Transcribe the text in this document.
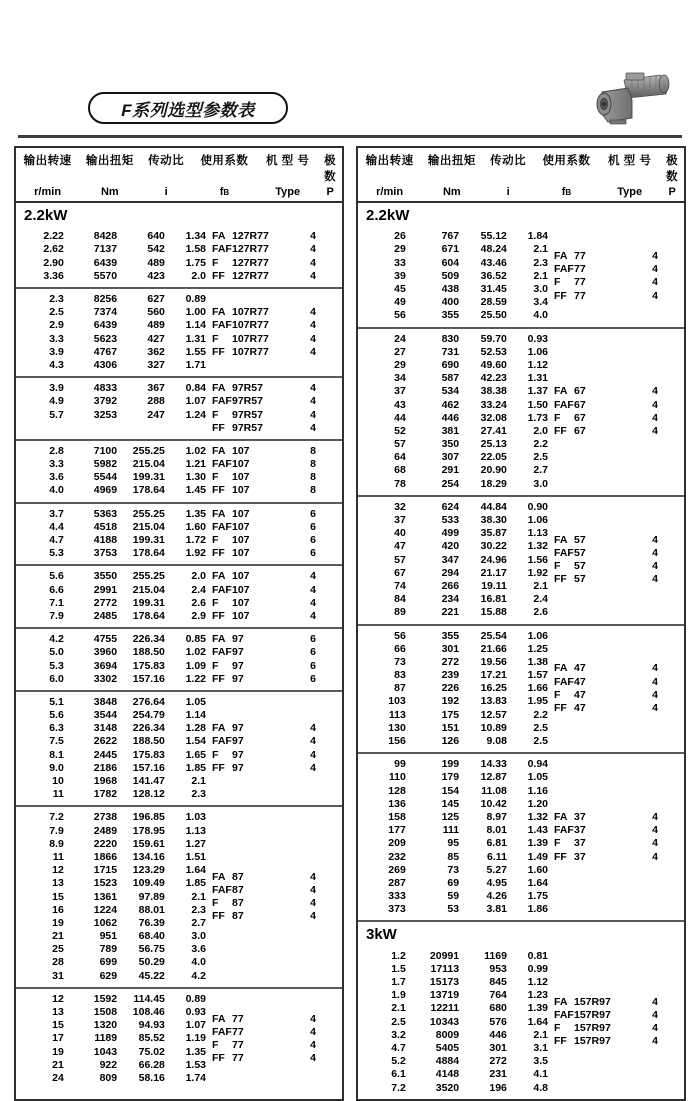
F系列选型参数表
输出转速	输出扭矩	传动比	使用系数	机 型 号	极 数
r/min	Nm	i	fB	Type	P
2.2kW
2.22	8428	640	1.34
2.62	7137	542	1.58
2.90	6439	489	1.75
3.36	5570	423	2.0
FA 127R77	4
FAF 127R77	4
F	127R77	4
FF 127R77	4
2.3	8256	627	0.89
2.5	7374	560	1.00
2.9	6439	489	1.14
3.3	5623	427	1.31
3.9	4767	362	1.55
4.3	4306	327	1.71
FA 107R77	4
FAF 107R77	4
F	107R77	4
FF 107R77	4
3.9	4833	367	0.84
4.9	3792	288	1.07
5.7	3253	247	1.24
FA 97R57	4
FAF 97R57	4
F	97R57	4
FF 97R57	4
2.8	7100	255.25	1.02
3.3	5982	215.04	1.21
3.6	5544	199.31	1.30
4.0	4969	178.64	1.45
FA 107	8
FAF 107	8
F	107	8
FF 107	8
3.7	5363	255.25	1.35
4.4	4518	215.04	1.60
4.7	4188	199.31	1.72
5.3	3753	178.64	1.92
FA 107	6
FAF 107	6
F	107	6
FF 107	6
5.6	3550	255.25	2.0
6.6	2991	215.04	2.4
7.1	2772	199.31	2.6
7.9	2485	178.64	2.9
FA 107	4
FAF 107	4
F	107	4
FF 107	4
4.2	4755	226.34	0.85
5.0	3960	188.50	1.02
5.3	3694	175.83	1.09
6.0	3302	157.16	1.22
FA 97	6
FAF 97	6
F	97	6
FF 97	6
5.1	3848	276.64	1.05
5.6	3544	254.79	1.14
6.3	3148	226.34	1.28
7.5	2622	188.50	1.54
8.1	2445	175.83	1.65
9.0	2186	157.16	1.85
10	1968	141.47	2.1
11	1782	128.12	2.3
FA 97	4
FAF 97	4
F	97	4
FF 97	4
7.2	2738	196.85	1.03
7.9	2489	178.95	1.13
8.9	2220	159.61	1.27
11	1866	134.16	1.51
12	1715	123.29	1.64
13	1523	109.49	1.85
15	1361	97.89	2.1
16	1224	88.01	2.3
19	1062	76.39	2.7
21	951	68.40	3.0
25	789	56.75	3.6
28	699	50.29	4.0
31	629	45.22	4.2
FA 87	4
FAF 87	4
F	87	4
FF 87	4
12	1592	114.45	0.89
13	1508	108.46	0.93
15	1320	94.93	1.07
17	1189	85.52	1.19
19	1043	75.02	1.35
21	922	66.28	1.53
24	809	58.16	1.74
FA 77	4
FAF 77	4
F	77	4
FF 77	4
输出转速	输出扭矩	传动比	使用系数	机 型 号	极 数
r/min	Nm	i	fB	Type	P
2.2kW
26	767	55.12	1.84
29	671	48.24	2.1
33	604	43.46	2.3
39	509	36.52	2.1
45	438	31.45	3.0
49	400	28.59	3.4
56	355	25.50	4.0
FA 77	4
FAF 77	4
F	77	4
FF 77	4
24	830	59.70	0.93
27	731	52.53	1.06
29	690	49.60	1.12
34	587	42.23	1.31
37	534	38.38	1.37
43	462	33.24	1.50
44	446	32.08	1.73
52	381	27.41	2.0
57	350	25.13	2.2
64	307	22.05	2.5
68	291	20.90	2.7
78	254	18.29	3.0
FA 67	4
FAF 67	4
F	67	4
FF 67	4
32	624	44.84	0.90
37	533	38.30	1.06
40	499	35.87	1.13
47	420	30.22	1.32
57	347	24.96	1.56
67	294	21.17	1.92
74	266	19.11	2.1
84	234	16.81	2.4
89	221	15.88	2.6
FA 57	4
FAF 57	4
F	57	4
FF 57	4
56	355	25.54	1.06
66	301	21.66	1.25
73	272	19.56	1.38
83	239	17.21	1.57
87	226	16.25	1.66
103	192	13.83	1.95
113	175	12.57	2.2
130	151	10.89	2.5
156	126	9.08	2.5
FA 47	4
FAF 47	4
F	47	4
FF 47	4
99	199	14.33	0.94
110	179	12.87	1.05
128	154	11.08	1.16
136	145	10.42	1.20
158	125	8.97	1.32
177	111	8.01	1.43
209	95	6.81	1.39
232	85	6.11	1.49
269	73	5.27	1.60
287	69	4.95	1.64
333	59	4.26	1.75
373	53	3.81	1.86
FA 37	4
FAF 37	4
F	37	4
FF 37	4
3kW
1.2	20991	1169	0.81
1.5	17113	953	0.99
1.7	15173	845	1.12
1.9	13719	764	1.23
2.1	12211	680	1.39
2.5	10343	576	1.64
3.2	8009	446	2.1
4.7	5405	301	3.1
5.2	4884	272	3.5
6.1	4148	231	4.1
7.2	3520	196	4.8
FA 157R97	4
FAF 157R97	4
F	157R97	4
FF 157R97	4
